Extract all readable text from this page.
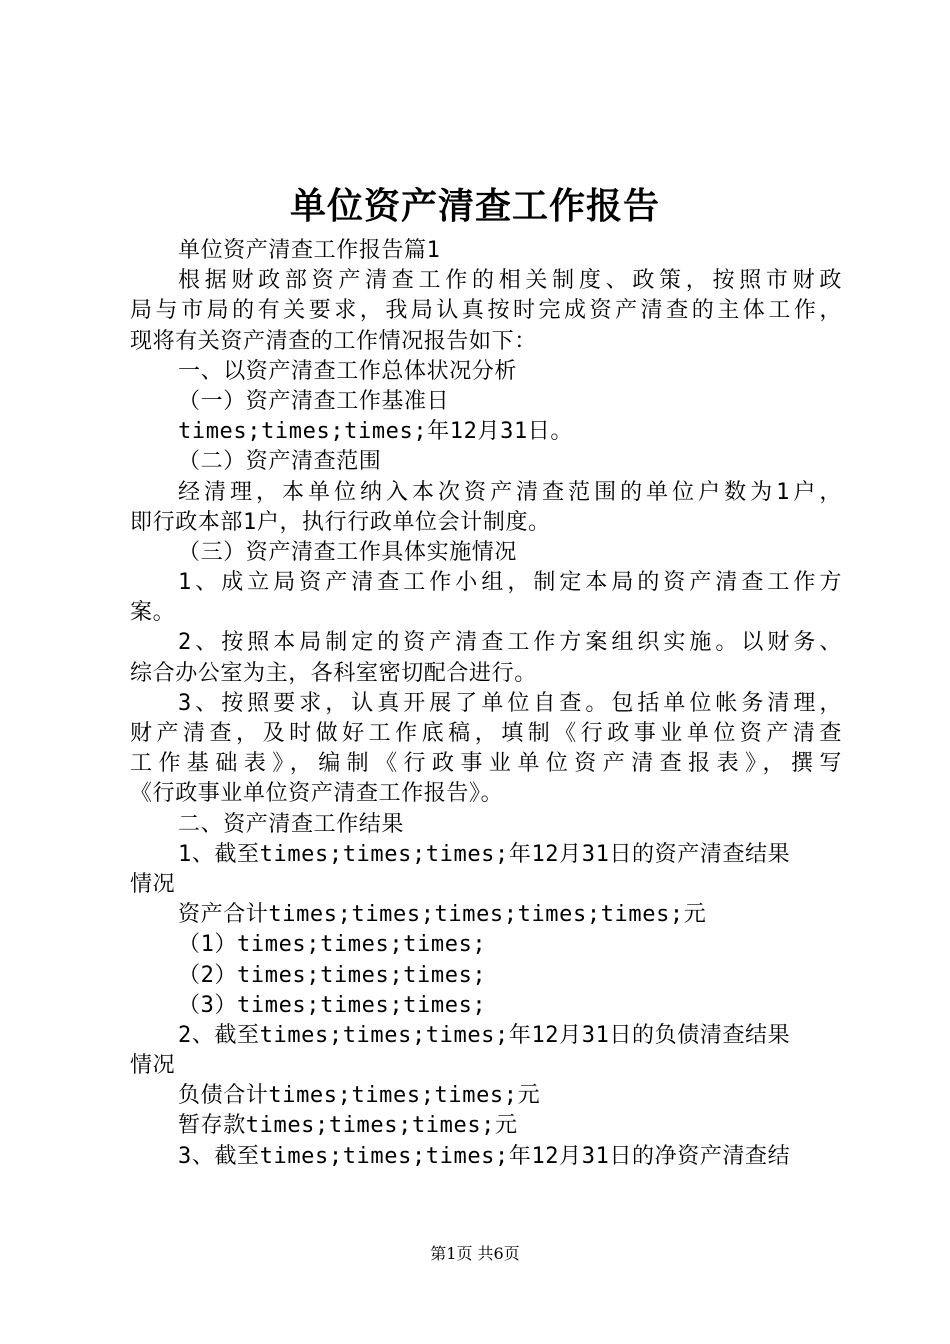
单位资产清查工作报告
单位资产清查工作报告篇1
根据财政部资产清查工作的相关制度、政策，按照市财政
局与市局的有关要求，我局认真按时完成资产清查的主体工作，
现将有关资产清查的工作情况报告如下：
一、以资产清查工作总体状况分析
（一）资产清查工作基准日
times;times;times;年12月31日。
（二）资产清查范围
经清理，本单位纳入本次资产清查范围的单位户数为1户，
即行政本部1户，执行行政单位会计制度。
（三）资产清查工作具体实施情况
1、成立局资产清查工作小组，制定本局的资产清查工作方
案。
2、按照本局制定的资产清查工作方案组织实施。以财务、
综合办公室为主，各科室密切配合进行。
3、按照要求，认真开展了单位自查。包括单位帐务清理，
财产清查，及时做好工作底稿，填制《行政事业单位资产清查
工作基础表》，编制《行政事业单位资产清查报表》，撰写
《行政事业单位资产清查工作报告》。
二、资产清查工作结果
1、截至times;times;times;年12月31日的资产清查结果
情况
资产合计times;times;times;times;times;元
（1）times;times;times;
（2）times;times;times;
（3）times;times;times;
2、截至times;times;times;年12月31日的负债清查结果
情况
负债合计times;times;times;元
暂存款times;times;times;元
3、截至times;times;times;年12月31日的净资产清查结
第1页 共6页
